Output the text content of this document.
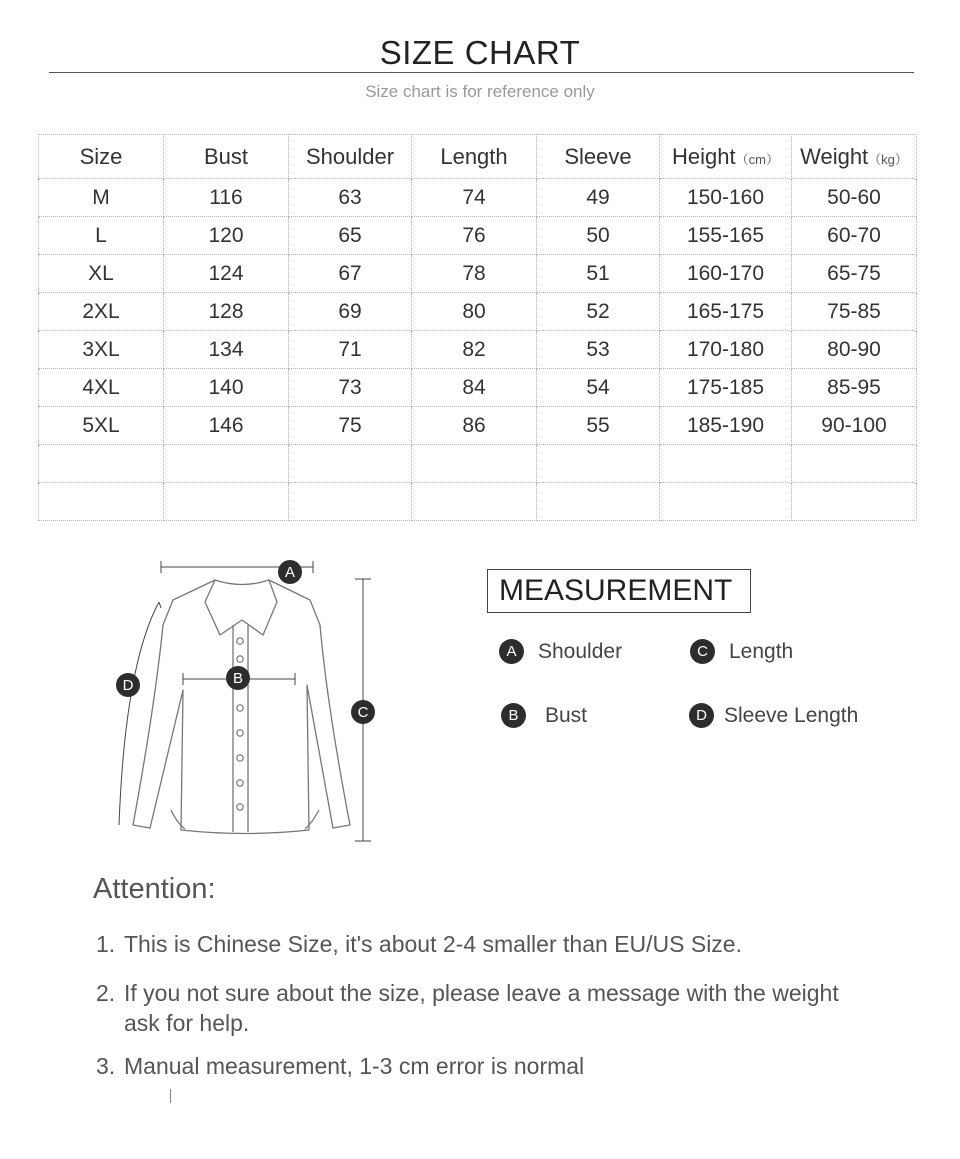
SIZE CHART
Size chart is for reference only
Size	Bust	Shoulder	Length	Sleeve	Height（cm）	Weight（kg）
M	116	63	74	49	150-160	50-60
L	120	65	76	50	155-165	60-70
XL	124	67	78	51	160-170	65-75
2XL	128	69	80	52	165-175	75-85
3XL	134	71	82	53	170-180	80-90
4XL	140	73	84	54	175-185	85-95
5XL	146	75	86	55	185-190	90-100

A
B
C
D
MEASUREMENT
A	Shoulder	C	Length
B	Bust	D Sleeve Length
Attention:
1. This is Chinese Size, it's about 2-4 smaller than EU/US Size.
2. If you not sure about the size, please leave a message with the weight ask for help.
3. Manual measurement, 1-3 cm error is normal
